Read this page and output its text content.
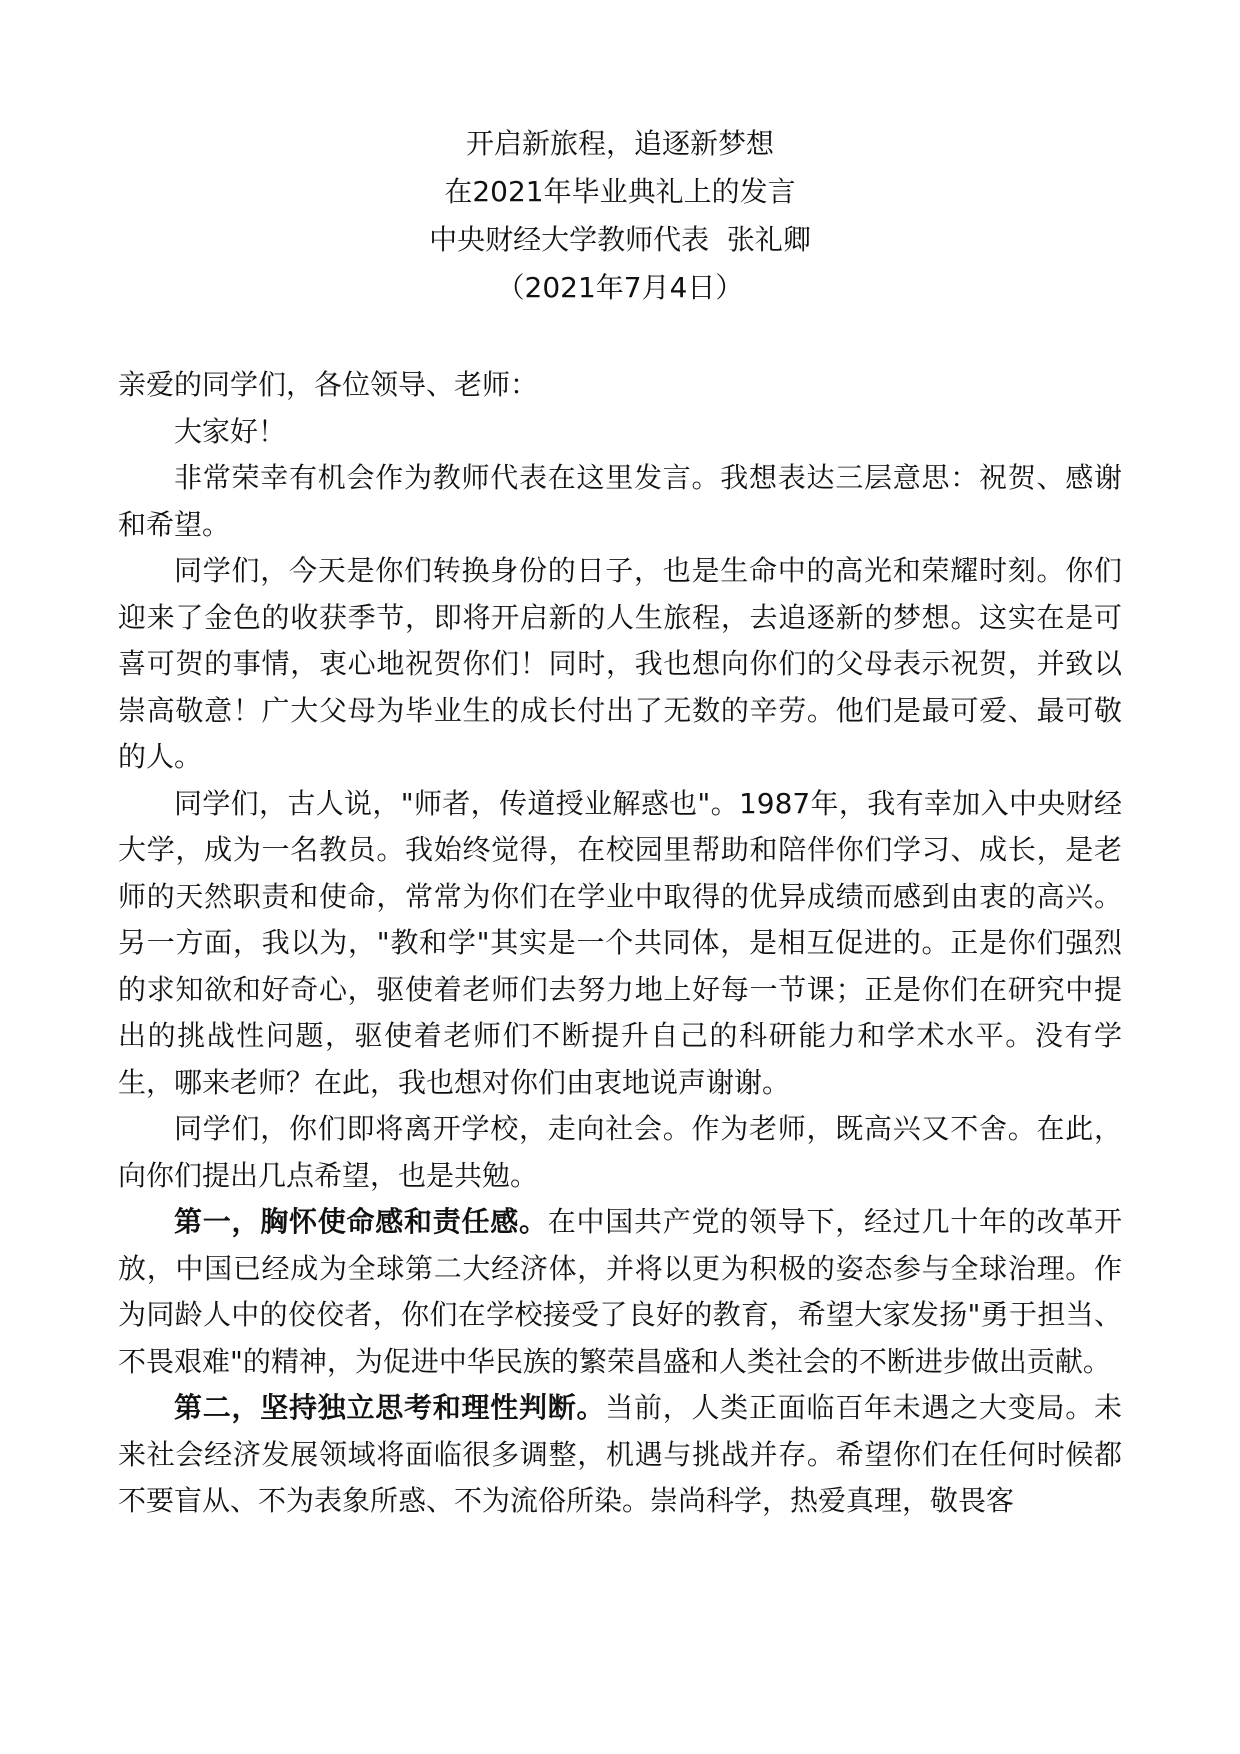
开启新旅程，追逐新梦想
在2021年毕业典礼上的发言
中央财经大学教师代表  张礼卿
（2021年7月4日）

亲爱的同学们，各位领导、老师：

大家好！

非常荣幸有机会作为教师代表在这里发言。我想表达三层意思：祝贺、感谢和希望。

同学们，今天是你们转换身份的日子，也是生命中的高光和荣耀时刻。你们迎来了金色的收获季节，即将开启新的人生旅程，去追逐新的梦想。这实在是可喜可贺的事情，衷心地祝贺你们！同时，我也想向你们的父母表示祝贺，并致以崇高敬意！广大父母为毕业生的成长付出了无数的辛劳。他们是最可爱、最可敬的人。

同学们，古人说，"师者，传道授业解惑也"。1987年，我有幸加入中央财经大学，成为一名教员。我始终觉得，在校园里帮助和陪伴你们学习、成长，是老师的天然职责和使命，常常为你们在学业中取得的优异成绩而感到由衷的高兴。另一方面，我以为，"教和学"其实是一个共同体，是相互促进的。正是你们强烈的求知欲和好奇心，驱使着老师们去努力地上好每一节课；正是你们在研究中提出的挑战性问题，驱使着老师们不断提升自己的科研能力和学术水平。没有学生，哪来老师？在此，我也想对你们由衷地说声谢谢。

同学们，你们即将离开学校，走向社会。作为老师，既高兴又不舍。在此，向你们提出几点希望，也是共勉。

第一，胸怀使命感和责任感。在中国共产党的领导下，经过几十年的改革开放，中国已经成为全球第二大经济体，并将以更为积极的姿态参与全球治理。作为同龄人中的佼佼者，你们在学校接受了良好的教育，希望大家发扬"勇于担当、不畏艰难"的精神，为促进中华民族的繁荣昌盛和人类社会的不断进步做出贡献。

第二，坚持独立思考和理性判断。当前，人类正面临百年未遇之大变局。未来社会经济发展领域将面临很多调整，机遇与挑战并存。希望你们在任何时候都不要盲从、不为表象所惑、不为流俗所染。崇尚科学，热爱真理，敬畏客
